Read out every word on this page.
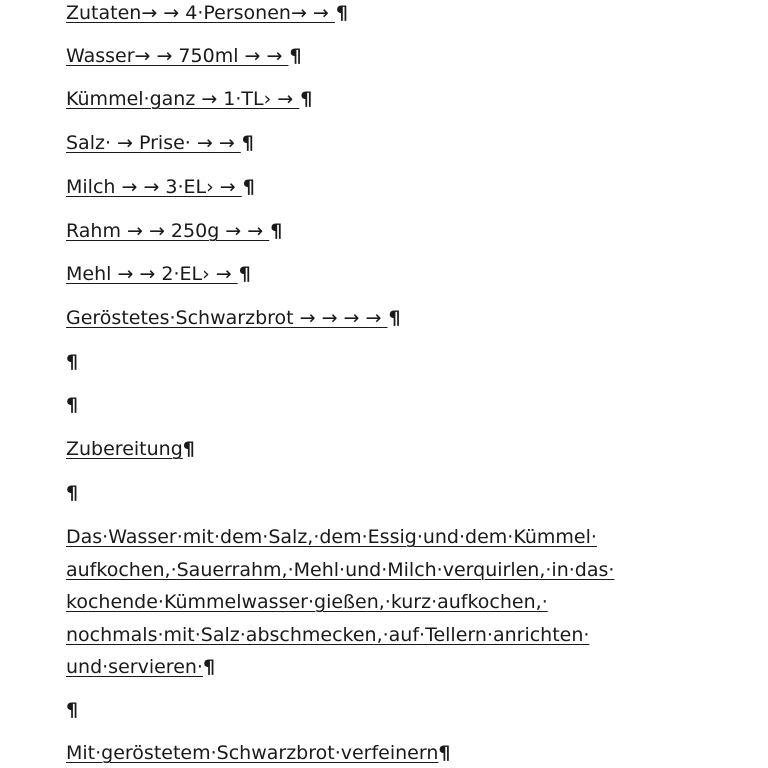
Zutaten→ → 4·Personen→ → ¶
Wasser→ → 750ml → → ¶
Kümmel·ganz → 1·TL› → ¶
Salz· → Prise· → → ¶
Milch → → 3·EL› → ¶
Rahm → → 250g → → ¶
Mehl → → 2·EL› → ¶
Geröstetes·Schwarzbrot → → → → ¶
¶
¶
Zubereitung¶
¶
Das·Wasser·mit·dem·Salz,·dem·Essig·und·dem·Kümmel· aufkochen,·Sauerrahm,·Mehl·und·Milch·verquirlen,·in·das· kochende·Kümmelwasser·gießen,·kurz·aufkochen,· nochmals·mit·Salz·abschmecken,·auf·Tellern·anrichten· und·servieren·¶
¶
Mit·geröstetem·Schwarzbrot·verfeinern¶
